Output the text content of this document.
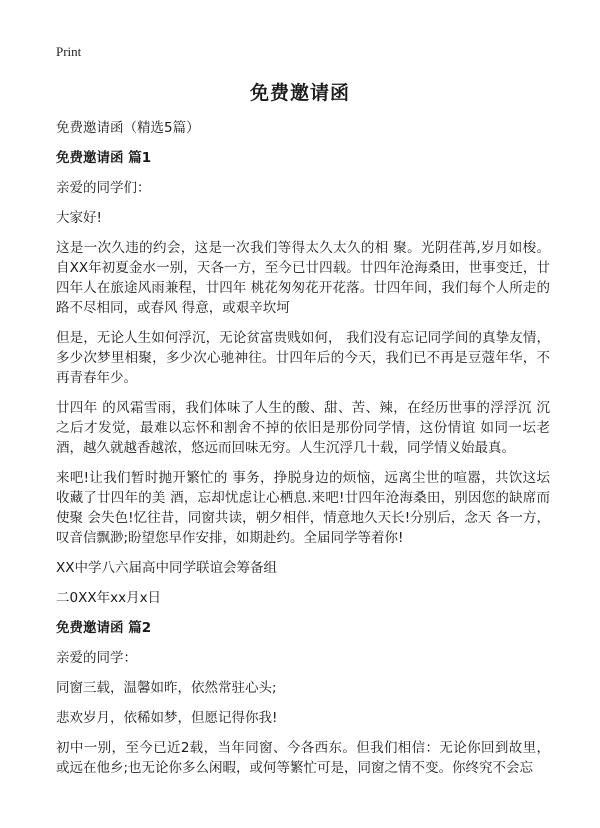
Print
免费邀请函

免费邀请函（精选5篇）

免费邀请函 篇1

亲爱的同学们：

大家好!

这是一次久违的约会，这是一次我们等得太久太久的相 聚。光阴荏苒,岁月如梭。自XX年初夏金水一别，天各一方，至今已廿四载。廿四年沧海桑田，世事变迁，廿四年人在旅途风雨兼程，廿四年 桃花匆匆花开花落。廿四年间，我们每个人所走的路不尽相同，或春风 得意，或艰辛坎坷

但是，无论人生如何浮沉，无论贫富贵贱如何， 我们没有忘记同学间的真挚友情，多少次梦里相聚，多少次心驰神往。廿四年后的今天，我们已不再是豆蔻年华，不再青春年少。

廿四年 的风霜雪雨，我们体味了人生的酸、甜、苦、辣，在经历世事的浮浮沉 沉之后才发觉，最难以忘怀和割舍不掉的依旧是那份同学情，这份情谊 如同一坛老酒，越久就越香越浓，悠远而回味无穷。人生沉浮几十载，同学情义始最真。

来吧!让我们暂时抛开繁忙的 事务，挣脱身边的烦恼，远离尘世的喧嚣，共饮这坛收藏了廿四年的美 酒，忘却忧虑让心栖息.来吧!廿四年沧海桑田，别因您的缺席而使聚 会失色!忆往昔，同窗共读，朝夕相伴，情意地久天长!分别后，念天 各一方，叹音信飘渺;盼望您早作安排，如期赴约。全届同学等着你!

XX中学八六届高中同学联谊会筹备组

二0XX年xx月x日

免费邀请函 篇2

亲爱的同学：

同窗三载，温馨如昨，依然常驻心头;

悲欢岁月，依稀如梦，但愿记得你我!

初中一别，至今已近2载，当年同窗、今各西东。但我们相信：无论你回到故里，或远在他乡;也无论你多么闲暇，或何等繁忙可是，同窗之情不变。你终究不会忘
